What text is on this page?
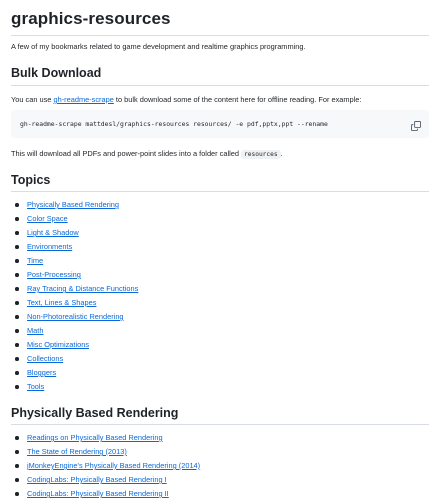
graphics-resources
A few of my bookmarks related to game development and realtime graphics programming.
Bulk Download
You can use gh-readme-scrape to bulk download some of the content here for offline reading. For example:
gh-readme-scrape mattdesl/graphics-resources resources/ -e pdf,pptx,ppt --rename
This will download all PDFs and power-point slides into a folder called resources .
Topics
Physically Based Rendering
Color Space
Light & Shadow
Environments
Time
Post-Processing
Ray Tracing & Distance Functions
Text, Lines & Shapes
Non-Photorealistic Rendering
Math
Misc Optimizations
Collections
Bloggers
Tools
Physically Based Rendering
Readings on Physically Based Rendering
The State of Rendering (2013)
jMonkeyEngine's Physically Based Rendering (2014)
CodingLabs: Physically Based Rendering I
CodingLabs: Physically Based Rendering II
